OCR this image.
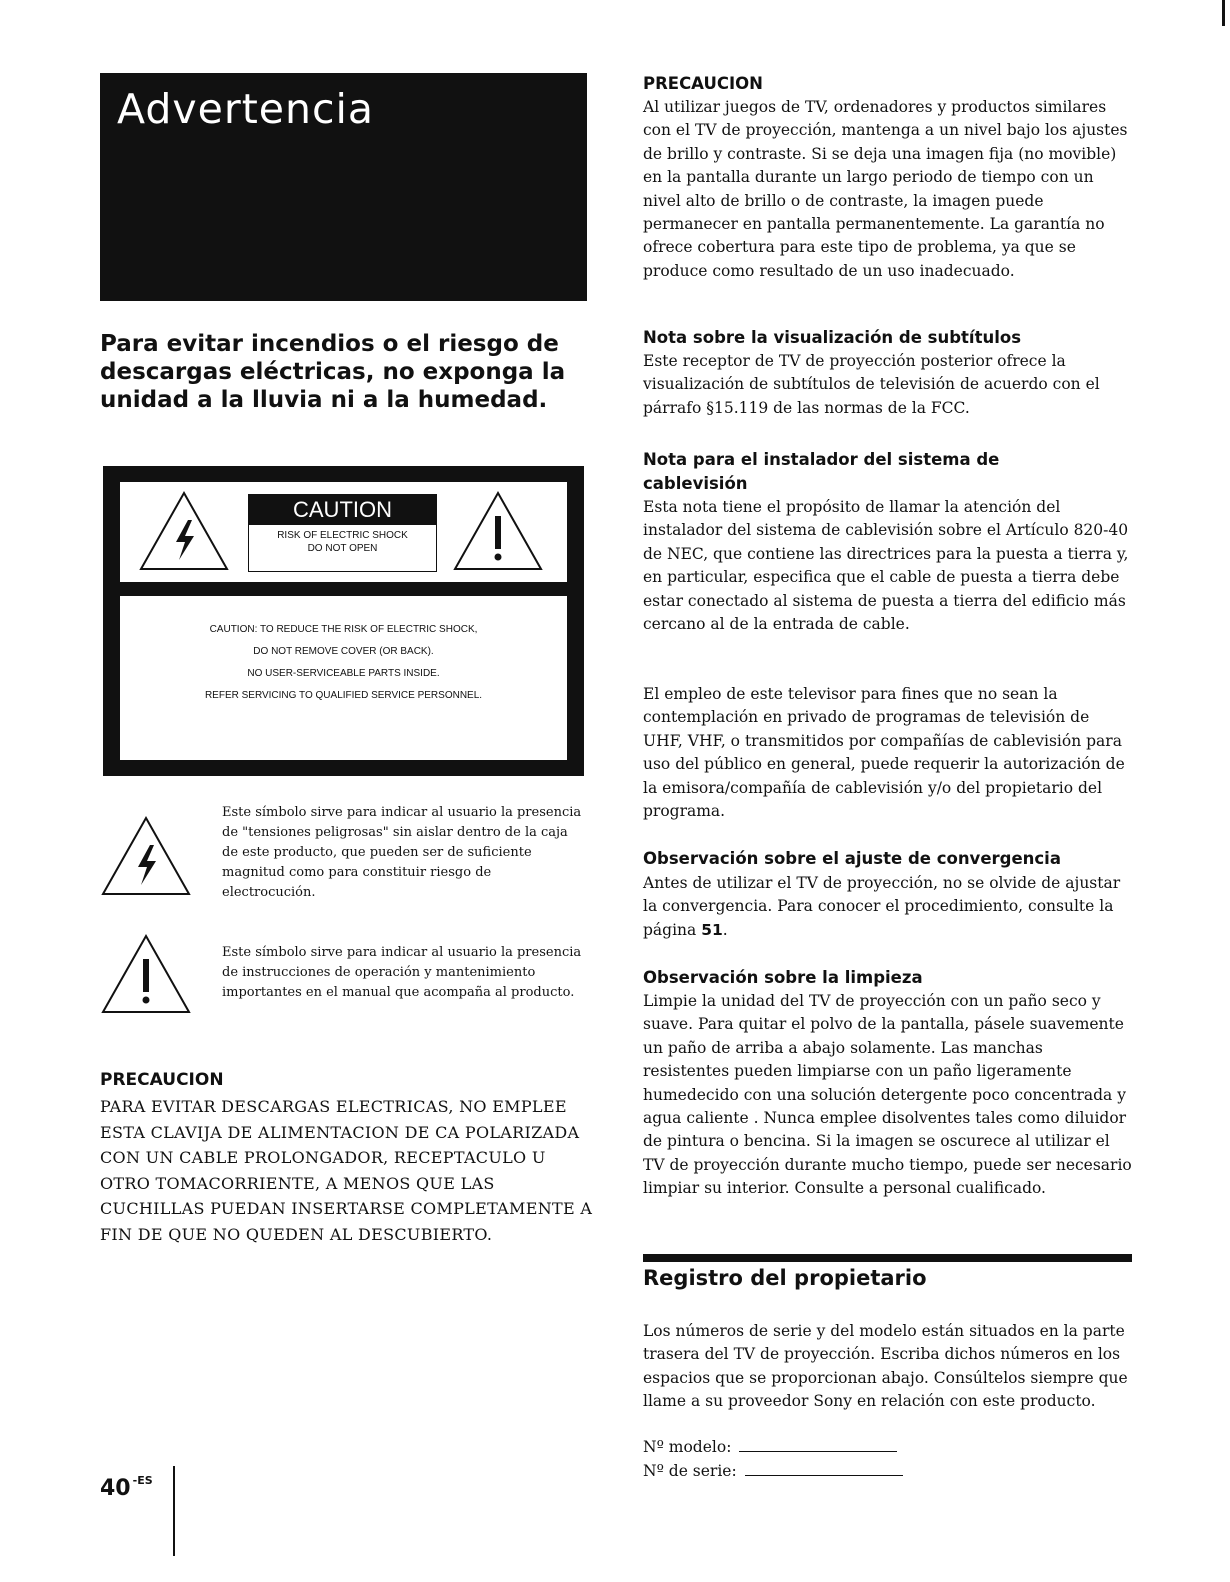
Advertencia
Para evitar incendios o el riesgo de descargas eléctricas, no exponga la unidad a la lluvia ni a la humedad.
CAUTION
RISK OF ELECTRIC SHOCK
DO NOT OPEN
CAUTION: TO REDUCE THE RISK OF ELECTRIC SHOCK,
DO NOT REMOVE COVER (OR BACK).
NO USER-SERVICEABLE PARTS INSIDE.
REFER SERVICING TO QUALIFIED SERVICE PERSONNEL.
Este símbolo sirve para indicar al usuario la presencia de "tensiones peligrosas" sin aislar dentro de la caja de este producto, que pueden ser de suficiente magnitud como para constituir riesgo de electrocución.
Este símbolo sirve para indicar al usuario la presencia de instrucciones de operación y mantenimiento importantes en el manual que acompaña al producto.
PRECAUCION
PARA EVITAR DESCARGAS ELECTRICAS, NO EMPLEE ESTA CLAVIJA DE ALIMENTACION DE CA POLARIZADA CON UN CABLE PROLONGADOR, RECEPTACULO U OTRO TOMACORRIENTE, A MENOS QUE LAS CUCHILLAS PUEDAN INSERTARSE COMPLETAMENTE A FIN DE QUE NO QUEDEN AL DESCUBIERTO.
40 $^{-ES}$
PRECAUCION
Al utilizar juegos de TV, ordenadores y productos similares con el TV de proyección, mantenga a un nivel bajo los ajustes de brillo y contraste. Si se deja una imagen fija (no movible) en la pantalla durante un largo periodo de tiempo con un nivel alto de brillo o de contraste, la imagen puede permanecer en pantalla permanentemente. La garantía no ofrece cobertura para este tipo de problema, ya que se produce como resultado de un uso inadecuado.
Nota sobre la visualización de subtítulos
Este receptor de TV de proyección posterior ofrece la visualización de subtítulos de televisión de acuerdo con el párrafo §15.119 de las normas de la FCC.
Nota para el instalador del sistema de cablevisión
Esta nota tiene el propósito de llamar la atención del instalador del sistema de cablevisión sobre el Artículo 820-40 de NEC, que contiene las directrices para la puesta a tierra y, en particular, especifica que el cable de puesta a tierra debe estar conectado al sistema de puesta a tierra del edificio más cercano al de la entrada de cable.
El empleo de este televisor para fines que no sean la contemplación en privado de programas de televisión de UHF, VHF, o transmitidos por compañías de cablevisión para uso del público en general, puede requerir la autorización de la emisora/compañía de cablevisión y/o del propietario del programa.
Observación sobre el ajuste de convergencia
Antes de utilizar el TV de proyección, no se olvide de ajustar la convergencia. Para conocer el procedimiento, consulte la página 51.
Observación sobre la limpieza
Limpie la unidad del TV de proyección con un paño seco y suave. Para quitar el polvo de la pantalla, pásele suavemente un paño de arriba a abajo solamente. Las manchas resistentes pueden limpiarse con un paño ligeramente humedecido con una solución detergente poco concentrada y agua caliente . Nunca emplee disolventes tales como diluidor de pintura o bencina. Si la imagen se oscurece al utilizar el TV de proyección durante mucho tiempo, puede ser necesario limpiar su interior. Consulte a personal cualificado.
Registro del propietario
Los números de serie y del modelo están situados en la parte trasera del TV de proyección. Escriba dichos números en los espacios que se proporcionan abajo. Consúltelos siempre que llame a su proveedor Sony en relación con este producto.
Nº modelo:
Nº de serie:
